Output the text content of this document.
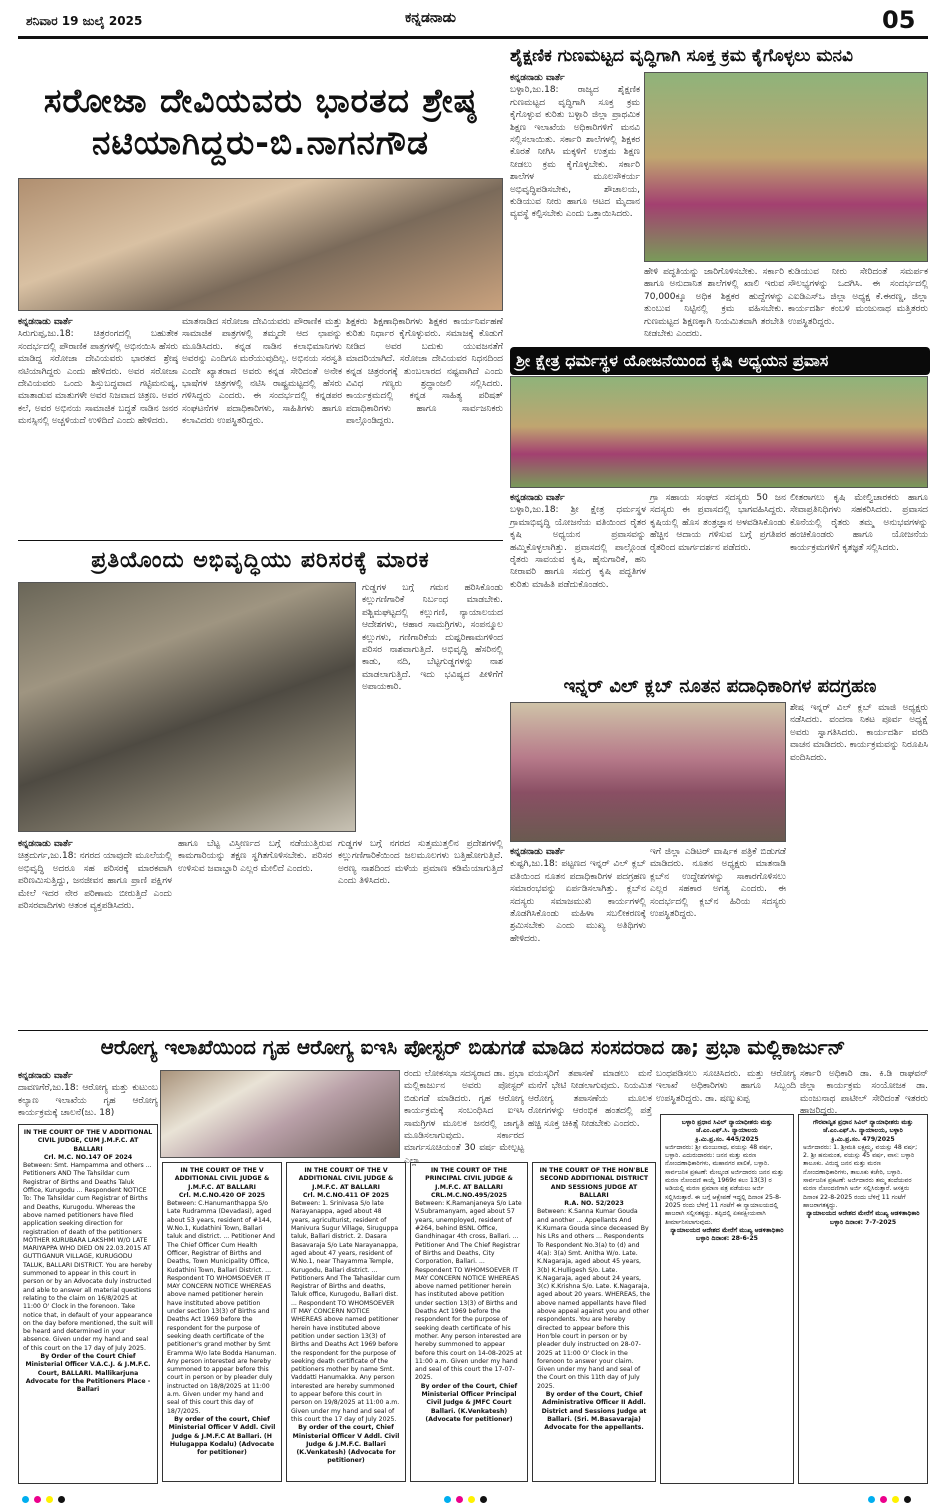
ಶನಿವಾರ 19 ಜುಲೈ 2025	ಕನ್ನಡನಾಡು	05
ಸರೋಜಾ ದೇವಿಯವರು ಭಾರತದ ಶ್ರೇಷ್ಠ ನಟಿಯಾಗಿದ್ದರು-ಬಿ.ನಾಗನಗೌಡ
ಕನ್ನಡನಾಡು ವಾರ್ತೆ
ಸಿರುಗುಪ್ಪ,ಜು.18: ಚಿತ್ರರಂಗದಲ್ಲಿ ಬಹುತೇಕ ಸಂದರ್ಭದಲ್ಲಿ ಪೌರಾಣಿಕ ಪಾತ್ರಗಳಲ್ಲಿ ಅಭಿನಯಿಸಿ ಹೆಸರು ಮಾಡಿದ್ದ ಸರೋಜಾ ದೇವಿಯವರು ಭಾರತದ ಶ್ರೇಷ್ಠ ನಟಿಯಾಗಿದ್ದರು ಎಂದು ಹೇಳಿದರು. ಅವರ ಸರೋಜಾ ದೇವಿಯವರು ಒಂದು ಶಿಸ್ತುಬದ್ಧವಾದ ಗಟ್ಟಿಮನುಷ್ಯ, ಮಾತಾಡುವ ಮಾತುಗಳೇ ಅವರ ನಿಜವಾದ ಚಿತ್ರಣ. ಅವರ ಕಲೆ, ಅವರ ಅಭಿನಯ ಸಾಮಾಜಿಕ ಬದ್ಧತೆ ನಾಡಿನ ಜನರ ಮನಸ್ಸಿನಲ್ಲಿ ಅಚ್ಚಳಿಯದೆ ಉಳಿದಿದೆ ಎಂದು ಹೇಳಿದರು.
ಮಾತನಾಡಿದ ಸರೋಜಾ ದೇವಿಯವರು ಪೌರಾಣಿಕ ಮತ್ತು ಸಾಮಾಜಿಕ ಪಾತ್ರಗಳಲ್ಲಿ ತಮ್ಮದೇ ಆದ ಛಾಪನ್ನು ಮೂಡಿಸಿದರು. ಕನ್ನಡ ನಾಡಿನ ಕಲಾಭಿಮಾನಿಗಳು ಅವರನ್ನು ಎಂದಿಗೂ ಮರೆಯುವುದಿಲ್ಲ. ಅಭಿನಯ ಸರಸ್ವತಿ ಎಂದೇ ಖ್ಯಾತರಾದ ಅವರು ಕನ್ನಡ ಸೇರಿದಂತೆ ಅನೇಕ ಭಾಷೆಗಳ ಚಿತ್ರಗಳಲ್ಲಿ ನಟಿಸಿ ರಾಷ್ಟ್ರಮಟ್ಟದಲ್ಲಿ ಹೆಸರು ಗಳಿಸಿದ್ದರು ಎಂದರು. ಈ ಸಂದರ್ಭದಲ್ಲಿ ಕನ್ನಡಪರ ಸಂಘಟನೆಗಳ ಪದಾಧಿಕಾರಿಗಳು, ಸಾಹಿತಿಗಳು ಹಾಗೂ ಕಲಾವಿದರು ಉಪಸ್ಥಿತರಿದ್ದರು.
ಶಿಕ್ಷಕರು ಶಿಕ್ಷಣಾಧಿಕಾರಿಗಳು ಶಿಕ್ಷಕರ ಕಾರ್ಯನಿರ್ವಹಣೆ ಕುರಿತು ನಿರ್ಧಾರ ಕೈಗೊಳ್ಳುವರು. ಸಮಾಜಕ್ಕೆ ಕೊಡುಗೆ ನೀಡಿದ ಅವರ ಬದುಕು ಯುವಜನತೆಗೆ ಮಾದರಿಯಾಗಿದೆ. ಸರೋಜಾ ದೇವಿಯವರ ನಿಧನದಿಂದ ಕನ್ನಡ ಚಿತ್ರರಂಗಕ್ಕೆ ತುಂಬಲಾರದ ನಷ್ಟವಾಗಿದೆ ಎಂದು ವಿವಿಧ ಗಣ್ಯರು ಶ್ರದ್ಧಾಂಜಲಿ ಸಲ್ಲಿಸಿದರು. ಕಾರ್ಯಕ್ರಮದಲ್ಲಿ ಕನ್ನಡ ಸಾಹಿತ್ಯ ಪರಿಷತ್ ಪದಾಧಿಕಾರಿಗಳು ಹಾಗೂ ಸಾರ್ವಜನಿಕರು ಪಾಲ್ಗೊಂಡಿದ್ದರು.
ಶೈಕ್ಷಣಿಕ ಗುಣಮಟ್ಟದ ವೃದ್ಧಿಗಾಗಿ ಸೂಕ್ತ ಕ್ರಮ ಕೈಗೊಳ್ಳಲು ಮನವಿ
ಕನ್ನಡನಾಡು ವಾರ್ತೆ
ಬಳ್ಳಾರಿ,ಜು.18: ರಾಜ್ಯದ ಶೈಕ್ಷಣಿಕ ಗುಣಮಟ್ಟದ ವೃದ್ಧಿಗಾಗಿ ಸೂಕ್ತ ಕ್ರಮ ಕೈಗೊಳ್ಳುವ ಕುರಿತು ಬಳ್ಳಾರಿ ಜಿಲ್ಲಾ ಪ್ರಾಥಮಿಕ ಶಿಕ್ಷಣ ಇಲಾಖೆಯ ಅಧಿಕಾರಿಗಳಿಗೆ ಮನವಿ ಸಲ್ಲಿಸಲಾಯಿತು. ಸರ್ಕಾರಿ ಶಾಲೆಗಳಲ್ಲಿ ಶಿಕ್ಷಕರ ಕೊರತೆ ನೀಗಿಸಿ ಮಕ್ಕಳಿಗೆ ಉತ್ತಮ ಶಿಕ್ಷಣ ನೀಡಲು ಕ್ರಮ ಕೈಗೊಳ್ಳಬೇಕು. ಸರ್ಕಾರಿ ಶಾಲೆಗಳ ಮೂಲಸೌಕರ್ಯ ಅಭಿವೃದ್ಧಿಪಡಿಸಬೇಕು, ಶೌಚಾಲಯ, ಕುಡಿಯುವ ನೀರು ಹಾಗೂ ಆಟದ ಮೈದಾನ ವ್ಯವಸ್ಥೆ ಕಲ್ಪಿಸಬೇಕು ಎಂದು ಒತ್ತಾಯಿಸಿದರು.
ಹೇಳಿ ಪದ್ಧತಿಯನ್ನು ಜಾರಿಗೊಳಿಸಬೇಕು. ಸರ್ಕಾರಿ ಹಾಗೂ ಅನುದಾನಿತ ಶಾಲೆಗಳಲ್ಲಿ ಖಾಲಿ ಇರುವ 70,000ಕ್ಕೂ ಅಧಿಕ ಶಿಕ್ಷಕರ ಹುದ್ದೆಗಳನ್ನು ತುಂಬುವ ನಿಟ್ಟಿನಲ್ಲಿ ಕ್ರಮ ವಹಿಸಬೇಕು. ಗುಣಮಟ್ಟದ ಶಿಕ್ಷಣಕ್ಕಾಗಿ ನಿಯಮಿತವಾಗಿ ತರಬೇತಿ ನೀಡಬೇಕು ಎಂದರು.
ಕುಡಿಯುವ ನೀರು ಸೇರಿದಂತೆ ಸಮರ್ಪಕ ಸೌಲಭ್ಯಗಳನ್ನು ಒದಗಿಸಿ. ಈ ಸಂದರ್ಭದಲ್ಲಿ ಎಐಡಿಎಸ್‌ಒ ಜಿಲ್ಲಾ ಅಧ್ಯಕ್ಷ ಕೆ.ಈರಣ್ಣ, ಜಿಲ್ಲಾ ಕಾರ್ಯದರ್ಶಿ ಕಂಬಳಿ ಮಂಜುನಾಥ ಮತ್ತಿತರರು ಉಪಸ್ಥಿತರಿದ್ದರು.
ಶ್ರೀ ಕ್ಷೇತ್ರ ಧರ್ಮಸ್ಥಳ ಯೋಜನೆಯಿಂದ ಕೃಷಿ ಅಧ್ಯಯನ ಪ್ರವಾಸ
ಕನ್ನಡನಾಡು ವಾರ್ತೆ
ಬಳ್ಳಾರಿ,ಜು.18: ಶ್ರೀ ಕ್ಷೇತ್ರ ಧರ್ಮಸ್ಥಳ ಗ್ರಾಮಾಭಿವೃದ್ಧಿ ಯೋಜನೆಯ ವತಿಯಿಂದ ರೈತರ ಕೃಷಿ ಅಧ್ಯಯನ ಪ್ರವಾಸವನ್ನು ಹಮ್ಮಿಕೊಳ್ಳಲಾಗಿತ್ತು. ಪ್ರವಾಸದಲ್ಲಿ ಪಾಲ್ಗೊಂಡ ರೈತರು ಸಾವಯವ ಕೃಷಿ, ಹೈನುಗಾರಿಕೆ, ಹನಿ ನೀರಾವರಿ ಹಾಗೂ ಸಮಗ್ರ ಕೃಷಿ ಪದ್ಧತಿಗಳ ಕುರಿತು ಮಾಹಿತಿ ಪಡೆದುಕೊಂಡರು.
ಗ್ರಾ ಸಹಾಯ ಸಂಘದ ಸದಸ್ಯರು 50 ಜನ ಸದಸ್ಯರು ಈ ಪ್ರವಾಸದಲ್ಲಿ ಭಾಗವಹಿಸಿದ್ದರು. ಕೃಷಿಯಲ್ಲಿ ಹೊಸ ತಂತ್ರಜ್ಞಾನ ಅಳವಡಿಸಿಕೊಂಡು ಹೆಚ್ಚಿನ ಆದಾಯ ಗಳಿಸುವ ಬಗ್ಗೆ ಪ್ರಗತಿಪರ ರೈತರಿಂದ ಮಾರ್ಗದರ್ಶನ ಪಡೆದರು.
ಲೀತರಾಗಲು ಕೃಷಿ ಮೇಲ್ವಿಚಾರಕರು ಹಾಗೂ ಸೇವಾಪ್ರತಿನಿಧಿಗಳು ಸಹಕರಿಸಿದರು. ಪ್ರವಾಸದ ಕೊನೆಯಲ್ಲಿ ರೈತರು ತಮ್ಮ ಅನುಭವಗಳನ್ನು ಹಂಚಿಕೊಂಡರು ಹಾಗೂ ಯೋಜನೆಯ ಕಾರ್ಯಕ್ರಮಗಳಿಗೆ ಕೃತಜ್ಞತೆ ಸಲ್ಲಿಸಿದರು.
ಪ್ರತಿಯೊಂದು ಅಭಿವೃದ್ಧಿಯು ಪರಿಸರಕ್ಕೆ ಮಾರಕ
ಗುಡ್ಡಗಳ ಬಗ್ಗೆ ಗಮನ ಹರಿಸಿಕೊಂಡು ಕಲ್ಲುಗಣಿಗಾರಿಕೆ ನಿರ್ಬಂಧ ಮಾಡಬೇಕು. ಪಶ್ಚಿಮಘಟ್ಟದಲ್ಲಿ ಕಲ್ಲುಗಣಿ, ನ್ಯಾಯಾಲಯದ ಆದೇಶಗಳು, ಆಹಾರ ಸಾಮಗ್ರಿಗಳು, ಸಂಪನ್ಮೂಲ ಕಲ್ಲುಗಳು, ಗಣಿಗಾರಿಕೆಯ ದುಷ್ಪರಿಣಾಮಗಳಿಂದ ಪರಿಸರ ನಾಶವಾಗುತ್ತಿದೆ. ಅಭಿವೃದ್ಧಿ ಹೆಸರಿನಲ್ಲಿ ಕಾಡು, ನದಿ, ಬೆಟ್ಟಗುಡ್ಡಗಳನ್ನು ನಾಶ ಮಾಡಲಾಗುತ್ತಿದೆ. ಇದು ಭವಿಷ್ಯದ ಪೀಳಿಗೆಗೆ ಅಪಾಯಕಾರಿ.
ಕನ್ನಡನಾಡು ವಾರ್ತೆ
ಚಿತ್ರದುರ್ಗ,ಜು.18: ನಗರದ ಯಾವುದೇ ಮೂಲೆಯಲ್ಲಿ ಅಭಿವೃದ್ಧಿ ಅದರೂ ಸಹ ಪರಿಸರಕ್ಕೆ ಮಾರಕವಾಗಿ ಪರಿಣಮಿಸುತ್ತಿದ್ದು, ಜನಜೀವನ ಹಾಗೂ ಪ್ರಾಣಿ ಪಕ್ಷಿಗಳ ಮೇಲೆ ಇದರ ನೇರ ಪರಿಣಾಮ ಬೀರುತ್ತಿದೆ ಎಂದು ಪರಿಸರವಾದಿಗಳು ಆತಂಕ ವ್ಯಕ್ತಪಡಿಸಿದರು.
ಹಾಗೂ ಬೆಟ್ಟ ವಿಸ್ತೀರ್ಣದ ಬಗ್ಗೆ ನಡೆಯುತ್ತಿರುವ ಕಾಮಗಾರಿಯನ್ನು ತಕ್ಷಣ ಸ್ಥಗಿತಗೊಳಿಸಬೇಕು. ಪರಿಸರ ಉಳಿಸುವ ಜವಾಬ್ದಾರಿ ಎಲ್ಲರ ಮೇಲಿದೆ ಎಂದರು.
ಗುಡ್ಡಗಳ ಬಗ್ಗೆ ನಗರದ ಸುತ್ತಮುತ್ತಲಿನ ಪ್ರದೇಶಗಳಲ್ಲಿ ಕಲ್ಲುಗಣಿಗಾರಿಕೆಯಿಂದ ಜಲಮೂಲಗಳು ಬತ್ತಿಹೋಗುತ್ತಿವೆ. ಅರಣ್ಯ ನಾಶದಿಂದ ಮಳೆಯ ಪ್ರಮಾಣ ಕಡಿಮೆಯಾಗುತ್ತಿದೆ ಎಂದು ತಿಳಿಸಿದರು.
ಇನ್ನರ್ ವಿಲ್ ಕ್ಲಬ್ ನೂತನ ಪದಾಧಿಕಾರಿಗಳ ಪದಗ್ರಹಣ
ಶೇಷ ಇನ್ನರ್ ವಿಲ್ ಕ್ಲಬ್ ಮಾಜಿ ಅಧ್ಯಕ್ಷರು ನಡೆಸಿದರು. ವಂದನಾ ನಿಕಟ ಪೂರ್ವ ಅಧ್ಯಕ್ಷೆ ಅವರು ಸ್ವಾಗತಿಸಿದರು. ಕಾರ್ಯದರ್ಶಿ ವರದಿ ವಾಚನ ಮಾಡಿದರು. ಕಾರ್ಯಕ್ರಮವನ್ನು ನಿರೂಪಿಸಿ ವಂದಿಸಿದರು.
ಕನ್ನಡನಾಡು ವಾರ್ತೆ
ಕುಷ್ಟಗಿ,ಜು.18: ಪಟ್ಟಣದ ಇನ್ನರ್ ವಿಲ್ ಕ್ಲಬ್ ವತಿಯಿಂದ ನೂತನ ಪದಾಧಿಕಾರಿಗಳ ಪದಗ್ರಹಣ ಸಮಾರಂಭವನ್ನು ಏರ್ಪಡಿಸಲಾಗಿತ್ತು. ಕ್ಲಬ್‌ನ ಸದಸ್ಯರು ಸಮಾಜಮುಖಿ ಕಾರ್ಯಗಳಲ್ಲಿ ತೊಡಗಿಸಿಕೊಂಡು ಮಹಿಳಾ ಸಬಲೀಕರಣಕ್ಕೆ ಶ್ರಮಿಸಬೇಕು ಎಂದು ಮುಖ್ಯ ಅತಿಥಿಗಳು ಹೇಳಿದರು.
ಇಗೆ ಜಿಲ್ಲಾ ಎಡಿಟರ್ ವಾರ್ಷಿಕ ಪತ್ರಿಕೆ ಬಿಡುಗಡೆ ಮಾಡಿದರು. ನೂತನ ಅಧ್ಯಕ್ಷರು ಮಾತನಾಡಿ ಕ್ಲಬ್‌ನ ಉದ್ದೇಶಗಳನ್ನು ಸಾಕಾರಗೊಳಿಸಲು ಎಲ್ಲರ ಸಹಕಾರ ಅಗತ್ಯ ಎಂದರು. ಈ ಸಂದರ್ಭದಲ್ಲಿ ಕ್ಲಬ್‌ನ ಹಿರಿಯ ಸದಸ್ಯರು ಉಪಸ್ಥಿತರಿದ್ದರು.
ಆರೋಗ್ಯ ಇಲಾಖೆಯಿಂದ ಗೃಹ ಆರೋಗ್ಯ ಐಇಸಿ ಪೋಸ್ಟರ್ ಬಿಡುಗಡೆ ಮಾಡಿದ ಸಂಸದರಾದ ಡಾ; ಪ್ರಭಾ ಮಲ್ಲಿಕಾರ್ಜುನ್
ಕನ್ನಡನಾಡು ವಾರ್ತೆ
ದಾವಣಗೆರೆ,ಜು.18: ಆರೋಗ್ಯ ಮತ್ತು ಕುಟುಂಬ ಕಲ್ಯಾಣ ಇಲಾಖೆಯ ಗೃಹ ಆರೋಗ್ಯ ಕಾರ್ಯಕ್ರಮಕ್ಕೆ ಚಾಲನೆ(ಜು. 18)
ರಂದು ಲೋಕಸಭಾ ಸದಸ್ಯರಾದ ಡಾ. ಪ್ರಭಾ ಮಲ್ಲಿಕಾರ್ಜುನ ಅವರು ಪೋಸ್ಟರ್ ಬಿಡುಗಡೆ ಮಾಡಿದರು. ಗೃಹ ಆರೋಗ್ಯ ಕಾರ್ಯಕ್ರಮಕ್ಕೆ ಸಂಬಂಧಿಸಿದ ಐಇಸಿ ಸಾಮಗ್ರಿಗಳ ಮೂಲಕ ಜನರಲ್ಲಿ ಜಾಗೃತಿ ಮೂಡಿಸಲಾಗುವುದು. ಸರ್ಕಾರದ ಮಾರ್ಗಸೂಚಿಯಂತೆ 30 ವರ್ಷ ಮೇಲ್ಪಟ್ಟ ಎಲ್ಲಾ
ವಯಸ್ಕರಿಗೆ ತಪಾಸಣೆ ಮಾಡಲು ಮನೆ ಮನೆಗೆ ಭೇಟಿ ನೀಡಲಾಗುವುದು. ನಿಯಮಿತ ಆರೋಗ್ಯ ತಪಾಸಣೆಯ ಮೂಲಕ ರೋಗಗಳನ್ನು ಆರಂಭಿಕ ಹಂತದಲ್ಲಿ ಪತ್ತೆ ಹಚ್ಚಿ ಸೂಕ್ತ ಚಿಕಿತ್ಸೆ ನೀಡಬೇಕು ಎಂದರು.
ಬಂಧಪಡಿಸಲು ಸೂಚಿಸಿದರು. ಮತ್ತು ಆರೋಗ್ಯ ಇಲಾಖೆ ಅಧಿಕಾರಿಗಳು ಹಾಗೂ ಸಿಬ್ಬಂದಿ ಉಪಸ್ಥಿತರಿದ್ದರು. ಡಾ. ಷಣ್ಮುಖಪ್ಪ
ಸರ್ಕಾರಿ ಅಧಿಕಾರಿ ಡಾ. ಕಿ.ಡಿ ರಾಘವನ್ ಜಿಲ್ಲಾ ಕಾರ್ಯಕ್ರಮ ಸಂಯೋಜಕ ಡಾ. ಮಂಜುನಾಥ ಪಾಟೀಲ್ ಸೇರಿದಂತೆ ಇತರರು ಹಾಜರಿದ್ದರು.
IN THE COURT OF THE V ADDITIONAL CIVIL JUDGE, CUM J.M.F.C. AT BALLARI
Crl. M.C. NO.147 OF 2024
Between: Smt. Hampamma and others ... Petitioners AND The Tahsildar cum Registrar of Births and Deaths Taluk Office, Kurugodu ... Respondent NOTICE To: The Tahsildar cum Registrar of Births and Deaths, Kurugodu. Whereas the above named petitioners have filed application seeking direction for registration of death of the petitioners MOTHER KURUBARA LAKSHMI W/O LATE MARIYAPPA WHO DIED ON 22.03.2015 AT GUTTIGANUR VILLAGE, KURUGODU TALUK, BALLARI DISTRICT. You are hereby summoned to appear in this court in person or by an Advocate duly instructed and able to answer all material questions relating to the claim on 16/8/2025 at 11:00 O' Clock in the forenoon. Take notice that, in default of your appearance on the day before mentioned, the suit will be heard and determined in your absence. Given under my hand and seal of this court on the 17 day of July 2025.
By Order of the Court Chief Ministerial Officer V.A.C.J. & J.M.F.C. Court, BALLARI. Mallikarjuna Advocate for the Petitioners Place - Ballari
IN THE COURT OF THE V ADDITIONAL CIVIL JUDGE & J.M.F.C. AT BALLARI
Crl. M.C.NO.420 OF 2025
Between: C.Hanumanthappa S/o Late Rudramma (Devadasi), aged about 53 years, resident of #144, W.No.1, Kudathini Town, Ballari taluk and district. ... Petitioner And The Chief Officer Cum Health Officer, Registrar of Births and Deaths, Town Municipality Office, Kudathini Town, Ballari District. ... Respondent TO WHOMSOEVER IT MAY CONCERN NOTICE WHEREAS above named petitioner herein have instituted above petition under section 13(3) of Births and Deaths Act 1969 before the respondent for the purpose of seeking death certificate of the petitioner's grand mother by Smt Eramma W/o late Bodda Hanuman. Any person interested are hereby summoned to appear before this court in person or by pleader duly instructed on 18/8/2025 at 11:00 a.m. Given under my hand and seal of this court this day of 18/7/2025.
By order of the court, Chief Ministerial Officer V Addl. Civil Judge & J.M.F.C At Ballari. (H Hulugappa Kodalu) (Advocate for petitioner)
IN THE COURT OF THE V ADDITIONAL CIVIL JUDGE & J.M.F.C. AT BALLARI
Crl. M.C.NO.411 OF 2025
Between: 1. Srinivasa S/o late Narayanappa, aged about 48 years, agriculturist, resident of Manivura Sugur Village, Siruguppa taluk, Ballari district. 2. Dasara Basavaraja S/o Late Narayanappa, aged about 47 years, resident of W.No.1, near Thayamma Temple, Kurugodu, Ballari district. ... Petitioners And The Tahasildar cum Registrar of Births and deaths, Taluk office, Kurugodu, Ballari dist. ... Respondent TO WHOMSOEVER IT MAY CONCERN NOTICE WHEREAS above named petitioner herein have instituted above petition under section 13(3) of Births and Deaths Act 1969 before the respondent for the purpose of seeking death certificate of the petitioners mother by name Smt. Vaddatti Hanumakka. Any person interested are hereby summoned to appear before this court in person on 19/8/2025 at 11:00 a.m. Given under my hand and seal of this court the 17 day of July 2025.
By order of the court, Chief Ministerial Officer V Addl. Civil Judge & J.M.F.C. Ballari (K.Venkatesh) (Advocate for petitioner)
IN THE COURT OF THE PRINCIPAL CIVIL JUDGE & J.M.F.C. AT BALLARI
CRL.M.C.NO.495/2025
Between: K.Ramanjaneya S/o Late V.Subramanyam, aged about 57 years, unemployed, resident of #264, behind BSNL Office, Gandhinagar 4th cross, Ballari. ... Petitioner And The Chief Registrar of Births and Deaths, City Corporation, Ballari. ... Respondent TO WHOMSOEVER IT MAY CONCERN NOTICE WHEREAS above named petitioner herein has instituted above petition under section 13(3) of Births and Deaths Act 1969 before the respondent for the purpose of seeking death certificate of his mother. Any person interested are hereby summoned to appear before this court on 14-08-2025 at 11:00 a.m. Given under my hand and seal of this court the 17-07-2025.
By order of the Court, Chief Ministerial Officer Principal Civil Judge & JMFC Court Ballari. (K.Venkatesh) (Advocate for petitioner)
IN THE COURT OF THE HON'BLE SECOND ADDITIONAL DISTRICT AND SESSIONS JUDGE AT BALLARI
R.A. NO. 52/2023
Between: K.Sanna Kumar Gouda and another ... Appellants And K.Kumara Gouda since deceased By his LRs and others ... Respondents To Respondent No.3(a) to (d) and 4(a): 3(a) Smt. Anitha W/o. Late. K.Nagaraja, aged about 45 years, 3(b) K.Hulligesh S/o. Late. K.Nagaraja, aged about 24 years, 3(c) K.Krishna S/o. Late. K.Nagaraja, aged about 20 years. WHEREAS, the above named appellants have filed above appeal against you and other respondents. You are hereby directed to appear before this Hon'ble court in person or by pleader duly instructed on 28-07-2025 at 11:00 O' Clock in the forenoon to answer your claim. Given under my hand and seal of the Court on this 11th day of July 2025.
By order of the Court, Chief Administrative Officer II Addl. District and Sessions Judge at Ballari. (Sri. M.Basavaraja) Advocate for the appellants.
ಬಳ್ಳಾರಿ ಪ್ರಧಾನ ಸಿವಿಲ್ ನ್ಯಾಯಾಧೀಶರು ಮತ್ತು ಜೆ.ಎಂ.ಎಫ್.ಸಿ. ನ್ಯಾಯಾಲಯ
ಕ್ರಿ.ಮಿ.ಪ್ರ.ಸಂ. 445/2025
ಅರ್ಜಿದಾರರು: ಶ್ರೀ ಮಂಜುನಾಥ, ವಯಸ್ಸು 48 ವರ್ಷ, ಬಳ್ಳಾರಿ. ಎದುರುದಾರರು: ಜನನ ಮತ್ತು ಮರಣ ನೋಂದಣಾಧಿಕಾರಿಗಳು, ಮಹಾನಗರ ಪಾಲಿಕೆ, ಬಳ್ಳಾರಿ. ಸಾರ್ವಜನಿಕ ಪ್ರಕಟಣೆ: ಮೇಲ್ಕಂಡ ಅರ್ಜಿದಾರರು ಜನನ ಮತ್ತು ಮರಣ ನೋಂದಣಿ ಕಾಯ್ದೆ 1969ರ ಕಲಂ 13(3) ರ ಅಡಿಯಲ್ಲಿ ಮರಣ ಪ್ರಮಾಣ ಪತ್ರ ಪಡೆಯಲು ಅರ್ಜಿ ಸಲ್ಲಿಸಿರುತ್ತಾರೆ. ಈ ಬಗ್ಗೆ ಆಕ್ಷೇಪಣೆ ಇದ್ದಲ್ಲಿ ದಿನಾಂಕ 25-8-2025 ರಂದು ಬೆಳಿಗ್ಗೆ 11 ಗಂಟೆಗೆ ಈ ನ್ಯಾಯಾಲಯದಲ್ಲಿ ಹಾಜರಾಗಿ ಸಲ್ಲಿಸತಕ್ಕದ್ದು. ತಪ್ಪಿದಲ್ಲಿ ಏಕಪಕ್ಷೀಯವಾಗಿ ತೀರ್ಮಾನಿಸಲಾಗುವುದು.
ನ್ಯಾಯಾಲಯದ ಆದೇಶದ ಮೇರೆಗೆ ಮುಖ್ಯ ಆಡಳಿತಾಧಿಕಾರಿ ಬಳ್ಳಾರಿ ದಿನಾಂಕ: 28-6-25
ಗೌರವಾನ್ವಿತ ಪ್ರಧಾನ ಸಿವಿಲ್ ನ್ಯಾಯಾಧೀಶರು ಮತ್ತು ಜೆ.ಎಂ.ಎಫ್.ಸಿ. ನ್ಯಾಯಾಲಯ, ಬಳ್ಳಾರಿ
ಕ್ರಿ.ಮಿ.ಪ್ರ.ಸಂ. 479/2025
ಅರ್ಜಿದಾರರು: 1. ಶ್ರೀಮತಿ ಲಕ್ಷ್ಮಮ್ಮ, ವಯಸ್ಸು 48 ವರ್ಷ; 2. ಶ್ರೀ ಹನುಮಂತ, ವಯಸ್ಸು 45 ವರ್ಷ, ವಾಸ: ಬಳ್ಳಾರಿ ತಾಲೂಕು. ವಿರುದ್ಧ ಜನನ ಮತ್ತು ಮರಣ ನೋಂದಣಾಧಿಕಾರಿಗಳು, ತಾಲೂಕು ಕಚೇರಿ, ಬಳ್ಳಾರಿ. ಸಾರ್ವಜನಿಕ ಪ್ರಕಟಣೆ: ಅರ್ಜಿದಾರರು ತಮ್ಮ ತಂದೆಯವರ ಮರಣ ನೋಂದಣಿಗಾಗಿ ಅರ್ಜಿ ಸಲ್ಲಿಸಿರುತ್ತಾರೆ. ಆಸಕ್ತರು ದಿನಾಂಕ 22-8-2025 ರಂದು ಬೆಳಿಗ್ಗೆ 11 ಗಂಟೆಗೆ ಹಾಜರಾಗತಕ್ಕದ್ದು.
ನ್ಯಾಯಾಲಯದ ಆದೇಶದ ಮೇರೆಗೆ ಮುಖ್ಯ ಆಡಳಿತಾಧಿಕಾರಿ ಬಳ್ಳಾರಿ ದಿನಾಂಕ: 7-7-2025
